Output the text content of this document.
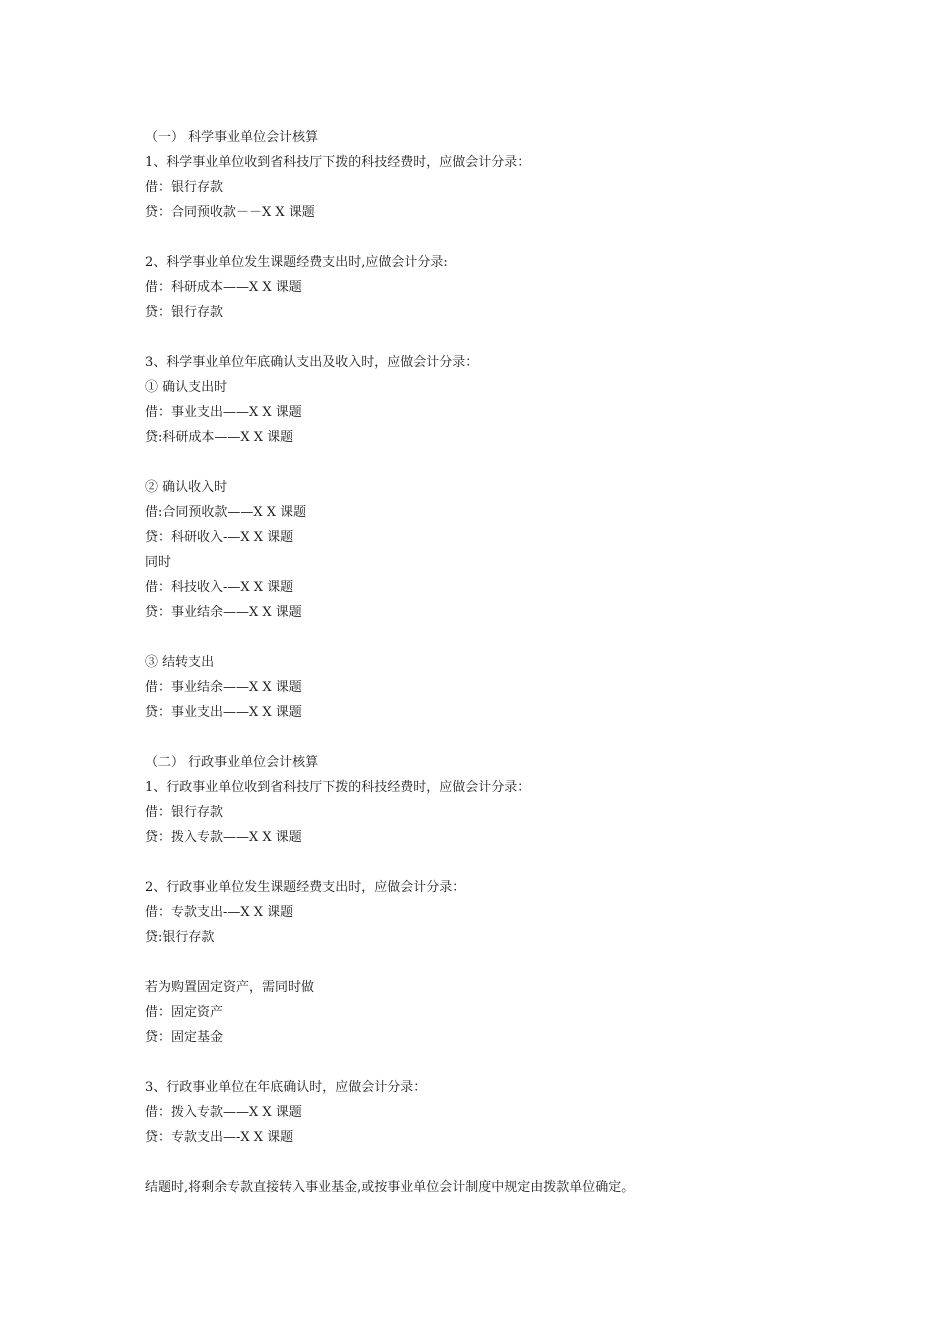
（一） 科学事业单位会计核算
1、科学事业单位收到省科技厅下拨的科技经费时，应做会计分录：
借：银行存款
贷：合同预收款－－X X 课题
2、科学事业单位发生课题经费支出时,应做会计分录:
借：科研成本——X X 课题
贷：银行存款
3、科学事业单位年底确认支出及收入时，应做会计分录：
① 确认支出时
借：事业支出——X X 课题
贷:科研成本——X X 课题
② 确认收入时
借:合同预收款——X X 课题
贷：科研收入-—X X 课题
同时
借：科技收入-—X X 课题
贷：事业结余——X X 课题
③ 结转支出
借：事业结余——X X 课题
贷：事业支出——X X 课题
（二） 行政事业单位会计核算
1、行政事业单位收到省科技厅下拨的科技经费时，应做会计分录：
借：银行存款
贷：拨入专款——X X 课题
2、行政事业单位发生课题经费支出时，应做会计分录：
借：专款支出-—X X 课题
贷:银行存款
若为购置固定资产，需同时做
借：固定资产
贷：固定基金
3、行政事业单位在年底确认时，应做会计分录：
借：拨入专款——X X 课题
贷：专款支出—-X X 课题
结题时,将剩余专款直接转入事业基金,或按事业单位会计制度中规定由拨款单位确定。
